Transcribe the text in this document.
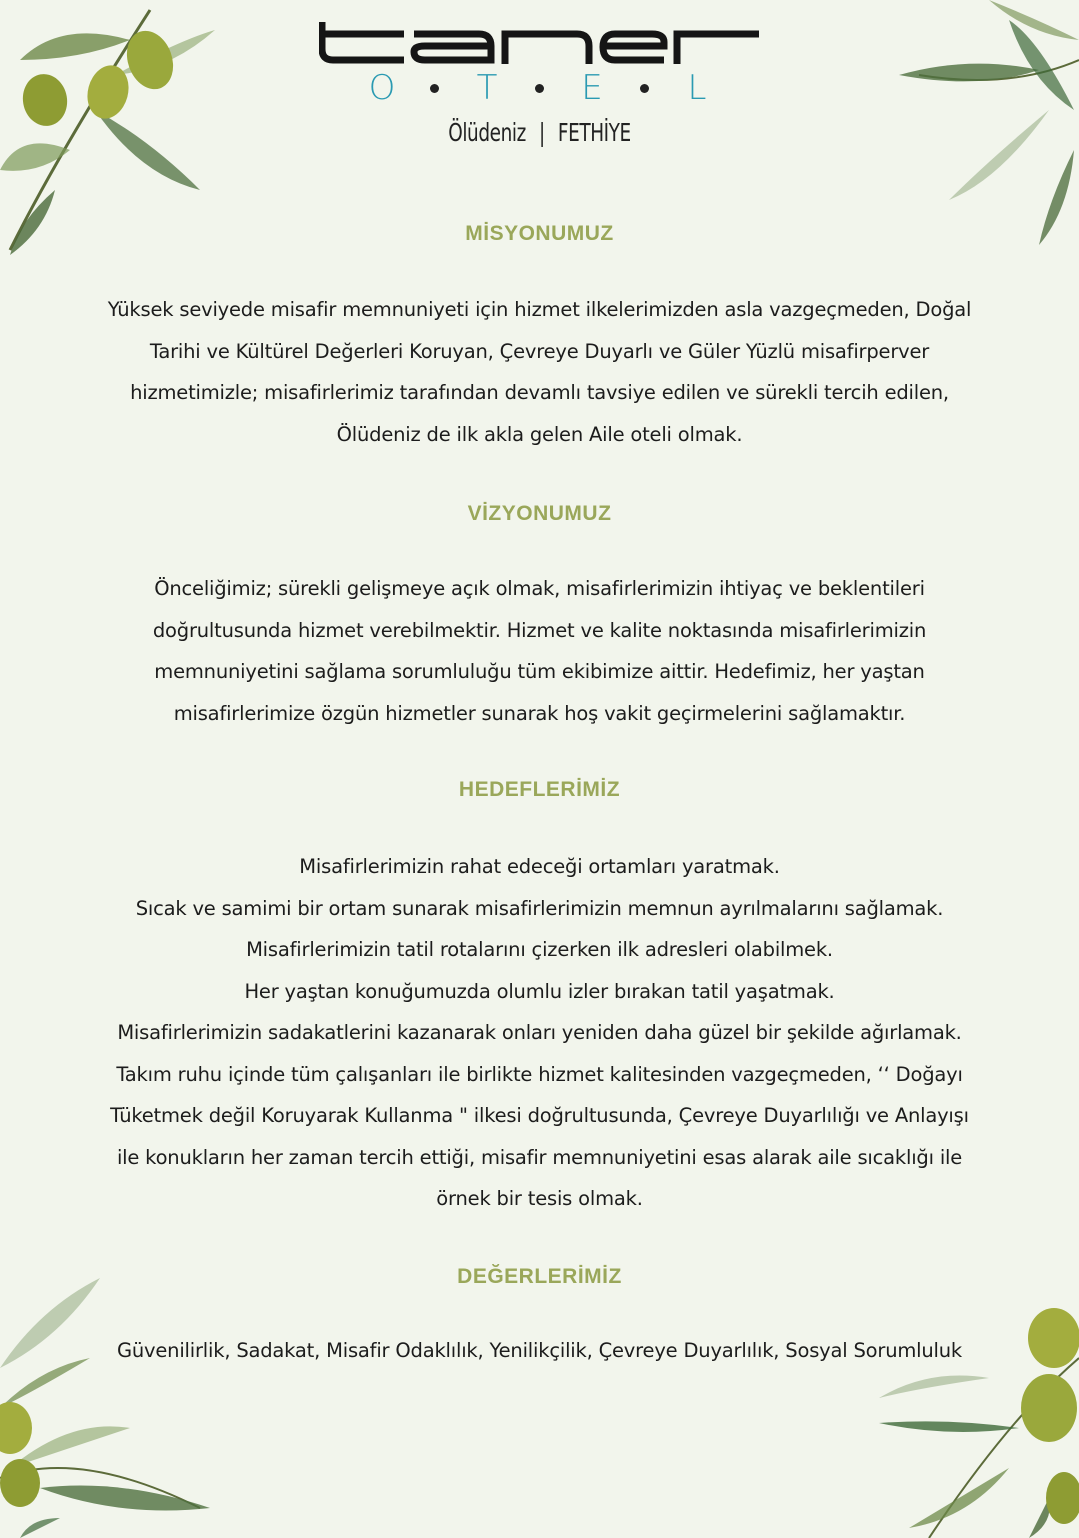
O T E	L
Ölüdeniz | FETHİYE
MİSYONUMUZ
Yüksek seviyede misafir memnuniyeti için hizmet ilkelerimizden asla vazgeçmeden, Doğal
Tarihi ve Kültürel Değerleri Koruyan, Çevreye Duyarlı ve Güler Yüzlü misafirperver
hizmetimizle; misafirlerimiz tarafından devamlı tavsiye edilen ve sürekli tercih edilen,
Ölüdeniz de ilk akla gelen Aile oteli olmak.
VİZYONUMUZ
Önceliğimiz; sürekli gelişmeye açık olmak, misafirlerimizin ihtiyaç ve beklentileri
doğrultusunda hizmet verebilmektir. Hizmet ve kalite noktasında misafirlerimizin
memnuniyetini sağlama sorumluluğu tüm ekibimize aittir. Hedefimiz, her yaştan
misafirlerimize özgün hizmetler sunarak hoş vakit geçirmelerini sağlamaktır.
HEDEFLERİMİZ
Misafirlerimizin rahat edeceği ortamları yaratmak.
Sıcak ve samimi bir ortam sunarak misafirlerimizin memnun ayrılmalarını sağlamak.
Misafirlerimizin tatil rotalarını çizerken ilk adresleri olabilmek.
Her yaştan konuğumuzda olumlu izler bırakan tatil yaşatmak.
Misafirlerimizin sadakatlerini kazanarak onları yeniden daha güzel bir şekilde ağırlamak.
Takım ruhu içinde tüm çalışanları ile birlikte hizmet kalitesinden vazgeçmeden, ‘‘ Doğayı
Tüketmek değil Koruyarak Kullanma " ilkesi doğrultusunda, Çevreye Duyarlılığı ve Anlayışı
ile konukların her zaman tercih ettiği, misafir memnuniyetini esas alarak aile sıcaklığı ile
örnek bir tesis olmak.
DEĞERLERİMİZ
Güvenilirlik, Sadakat, Misafir Odaklılık, Yenilikçilik, Çevreye Duyarlılık, Sosyal Sorumluluk
